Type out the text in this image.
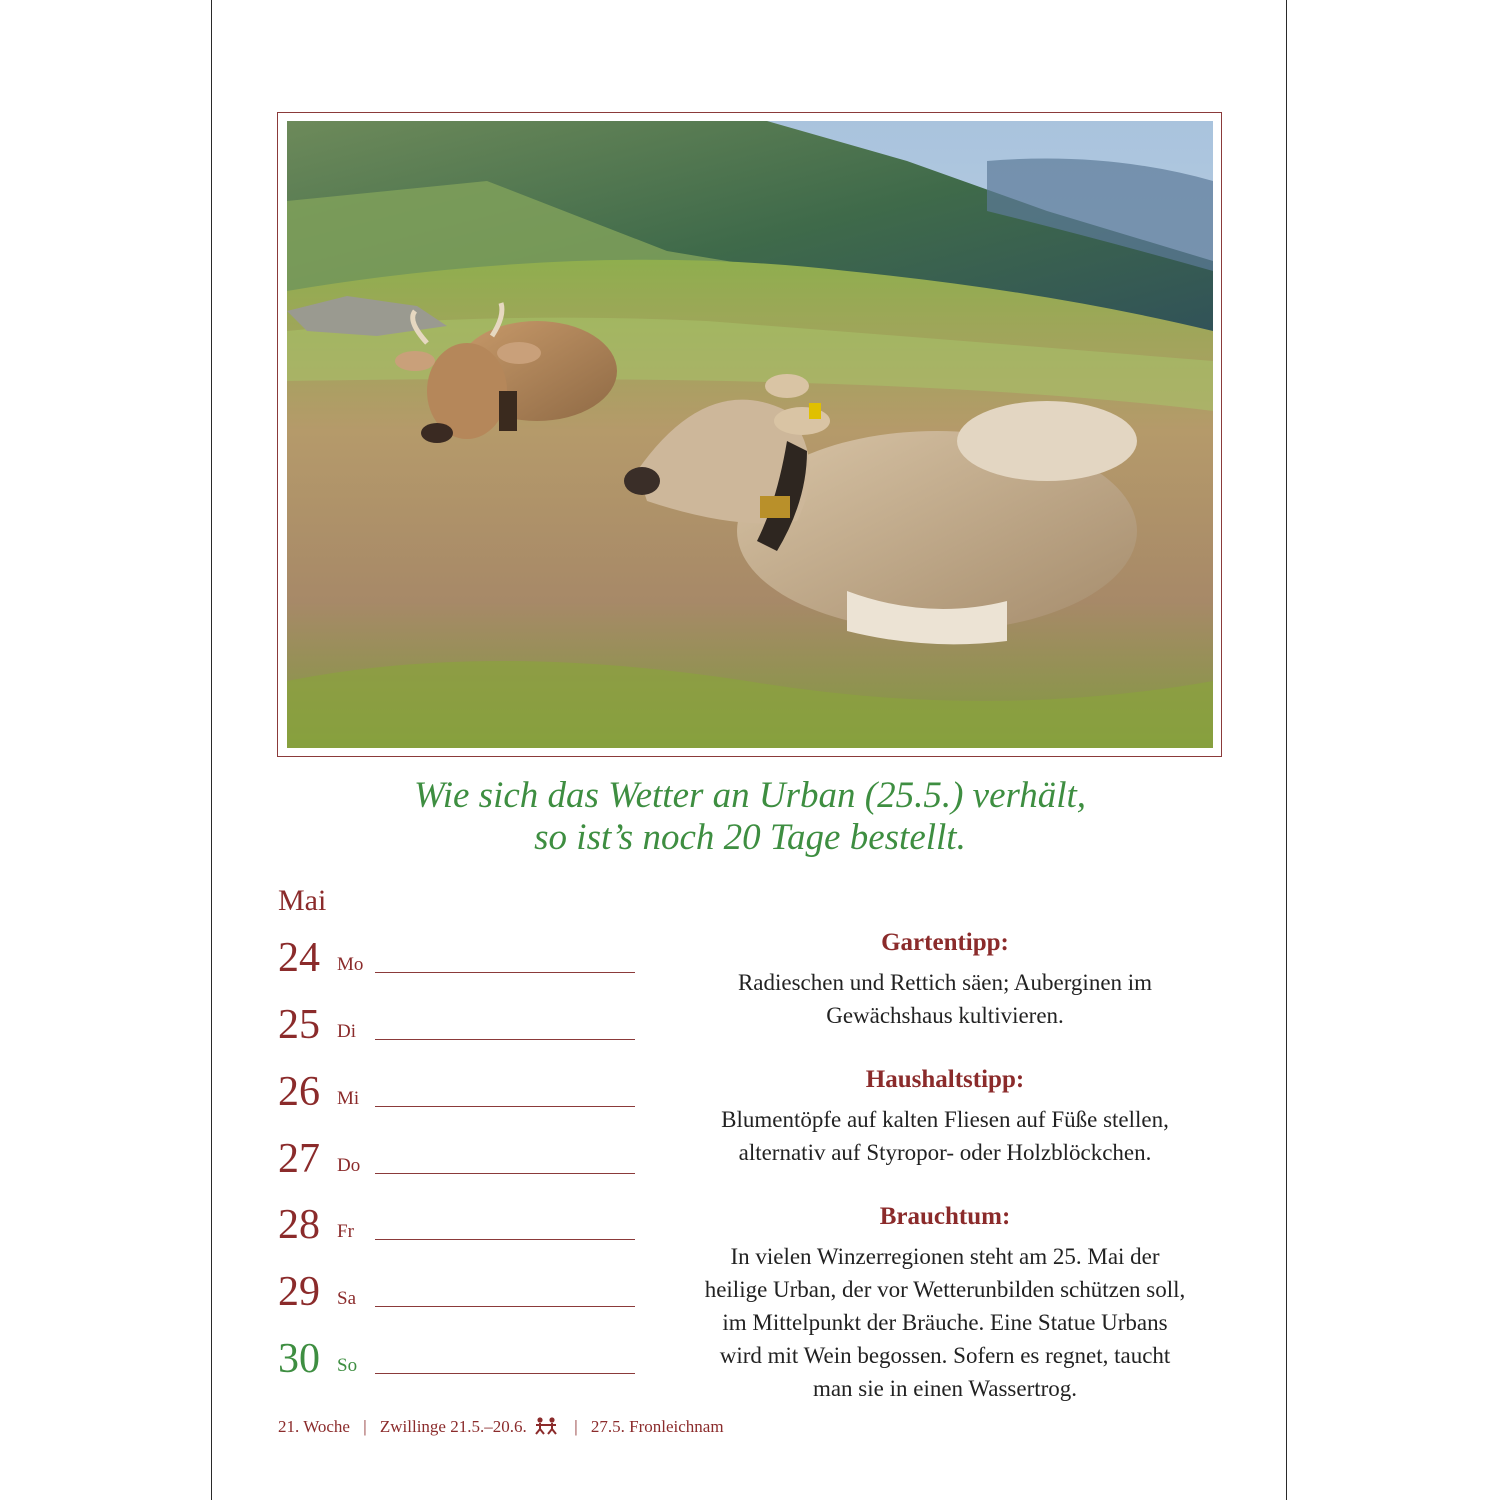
Wie sich das Wetter an Urban (25.5.) verhält,
so ist’s noch 20 Tage bestellt.
Mai
24 Mo
25 Di
26 Mi
27 Do
28 Fr
29 Sa
30 So
Gartentipp:
Radieschen und Rettich säen; Auberginen im
Gewächshaus kultivieren.
Haushaltstipp:
Blumentöpfe auf kalten Fliesen auf Füße stellen,
alternativ auf Styropor- oder Holzblöckchen.
Brauchtum:
In vielen Winzerregionen steht am 25. Mai der
heilige Urban, der vor Wetterunbilden schützen soll,
im Mittelpunkt der Bräuche. Eine Statue Urbans
wird mit Wein begossen. Sofern es regnet, taucht
man sie in einen Wassertrog.
21. Woche | Zwillinge 21.5.–20.6.	| 27.5. Fronleichnam
